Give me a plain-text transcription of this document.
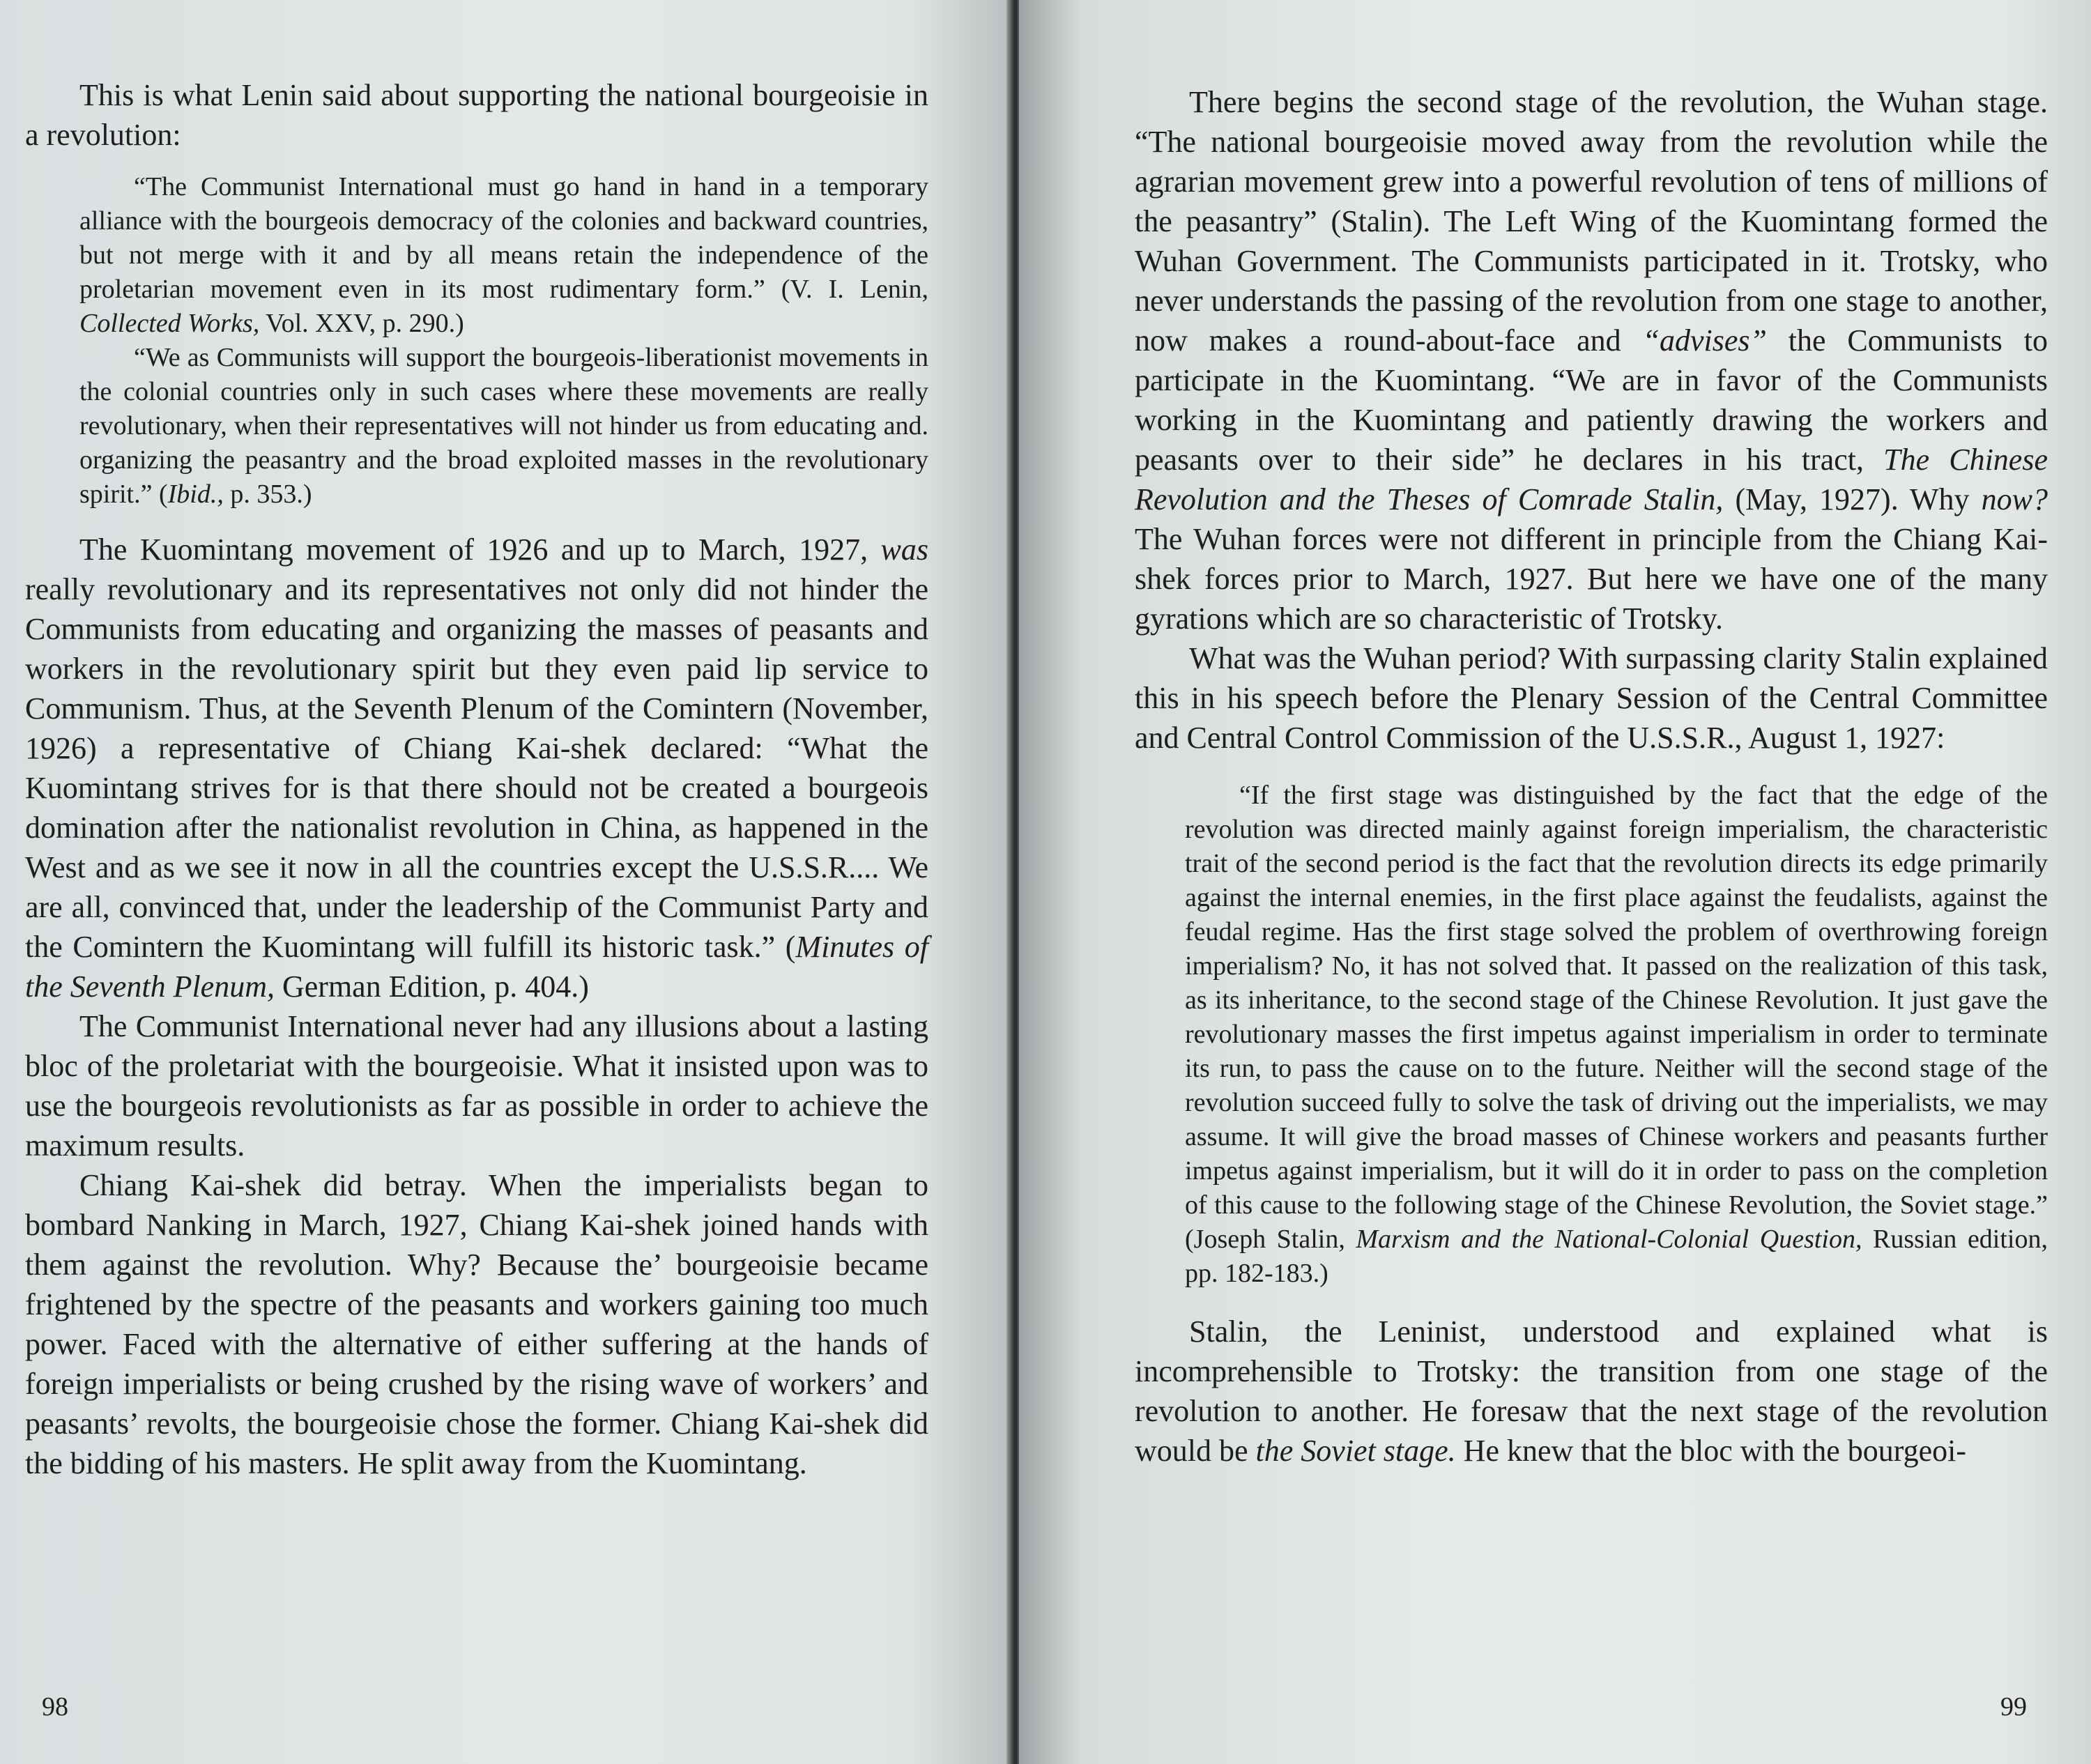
This is what Lenin said about supporting the national bourgeoisie in a revolution:

“The Communist International must go hand in hand in a temporary alliance with the bourgeois democracy of the colonies and backward countries, but not merge with it and by all means retain the independence of the proletarian movement even in its most rudimentary form.” (V. I. Lenin, Collected Works, Vol. XXV, p. 290.)

“We as Communists will support the bourgeois-liberationist movements in the colonial countries only in such cases where these movements are really revolutionary, when their representatives will not hinder us from educating and. organizing the peasantry and the broad exploited masses in the revolutionary spirit.” (Ibid., p. 353.)

The Kuomintang movement of 1926 and up to March, 1927, was really revolutionary and its representatives not only did not hinder the Communists from educating and organizing the masses of peasants and workers in the revolutionary spirit but they even paid lip service to Communism. Thus, at the Seventh Plenum of the Comintern (November, 1926) a representative of Chiang Kai-shek declared: “What the Kuomintang strives for is that there should not be created a bourgeois domination after the nationalist revolution in China, as happened in the West and as we see it now in all the countries except the U.S.S.R.... We are all, convinced that, under the leadership of the Communist Party and the Comintern the Kuomintang will fulfill its historic task.” (Minutes of the Seventh Plenum, German Edition, p. 404.)

The Communist International never had any illusions about a lasting bloc of the proletariat with the bourgeoisie. What it insisted upon was to use the bourgeois revolutionists as far as possible in order to achieve the maximum results.

Chiang Kai-shek did betray. When the imperialists began to bombard Nanking in March, 1927, Chiang Kai-shek joined hands with them against the revolution. Why? Because the’ bourgeoisie became frightened by the spectre of the peasants and workers gaining too much power. Faced with the alternative of either suffering at the hands of foreign imperialists or being crushed by the rising wave of workers’ and peasants’ revolts, the bourgeoisie chose the former. Chiang Kai-shek did the bidding of his masters. He split away from the Kuomintang.

98

There begins the second stage of the revolution, the Wuhan stage. “The national bourgeoisie moved away from the revolution while the agrarian movement grew into a powerful revolution of tens of millions of the peasantry” (Stalin). The Left Wing of the Kuomintang formed the Wuhan Government. The Communists participated in it. Trotsky, who never understands the passing of the revolution from one stage to another, now makes a round-about-face and “advises” the Communists to participate in the Kuomintang. “We are in favor of the Communists working in the Kuomintang and patiently drawing the workers and peasants over to their side” he declares in his tract, The Chinese Revolution and the Theses of Comrade Stalin, (May, 1927). Why now? The Wuhan forces were not different in principle from the Chiang Kai-shek forces prior to March, 1927. But here we have one of the many gyrations which are so characteristic of Trotsky.

What was the Wuhan period? With surpassing clarity Stalin explained this in his speech before the Plenary Session of the Central Committee and Central Control Commission of the U.S.S.R., August 1, 1927:

“If the first stage was distinguished by the fact that the edge of the revolution was directed mainly against foreign imperialism, the characteristic trait of the second period is the fact that the revolution directs its edge primarily against the internal enemies, in the first place against the feudalists, against the feudal regime. Has the first stage solved the problem of overthrowing foreign imperialism? No, it has not solved that. It passed on the realization of this task, as its inheritance, to the second stage of the Chinese Revolution. It just gave the revolutionary masses the first impetus against imperialism in order to terminate its run, to pass the cause on to the future. Neither will the second stage of the revolution succeed fully to solve the task of driving out the imperialists, we may assume. It will give the broad masses of Chinese workers and peasants further impetus against imperialism, but it will do it in order to pass on the completion of this cause to the following stage of the Chinese Revolution, the Soviet stage.” (Joseph Stalin, Marxism and the National-Colonial Question, Russian edition, pp. 182-183.)

Stalin, the Leninist, understood and explained what is incomprehensible to Trotsky: the transition from one stage of the revolution to another. He foresaw that the next stage of the revolution would be the Soviet stage. He knew that the bloc with the bourgeoi-

99
